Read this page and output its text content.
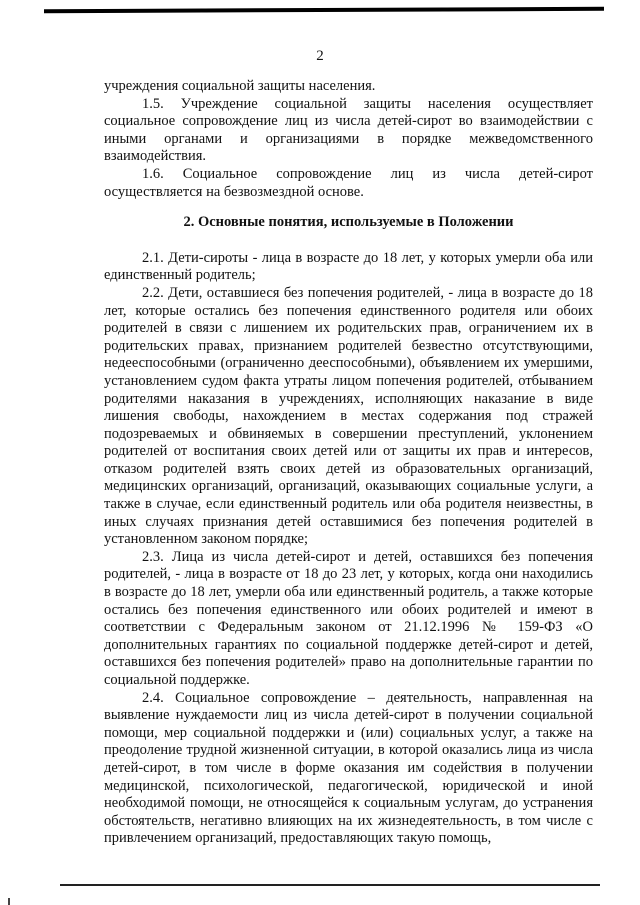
2

учреждения социальной защиты населения.

1.5. Учреждение социальной защиты населения осуществляет социальное сопровождение лиц из числа детей-сирот во взаимодействии с иными органами и организациями в порядке межведомственного взаимодействия.

1.6. Социальное сопровождение лиц из числа детей-сирот осуществляется на безвозмездной основе.

2. Основные понятия, используемые в Положении

2.1. Дети-сироты - лица в возрасте до 18 лет, у которых умерли оба или единственный родитель;

2.2. Дети, оставшиеся без попечения родителей, - лица в возрасте до 18 лет, которые остались без попечения единственного родителя или обоих родителей в связи с лишением их родительских прав, ограничением их в родительских правах, признанием родителей безвестно отсутствующими, недееспособными (ограниченно дееспособными), объявлением их умершими, установлением судом факта утраты лицом попечения родителей, отбыванием родителями наказания в учреждениях, исполняющих наказание в виде лишения свободы, нахождением в местах содержания под стражей подозреваемых и обвиняемых в совершении преступлений, уклонением родителей от воспитания своих детей или от защиты их прав и интересов, отказом родителей взять своих детей из образовательных организаций, медицинских организаций, организаций, оказывающих социальные услуги, а также в случае, если единственный родитель или оба родителя неизвестны, в иных случаях признания детей оставшимися без попечения родителей в установленном законом порядке;

2.3. Лица из числа детей-сирот и детей, оставшихся без попечения родителей, - лица в возрасте от 18 до 23 лет, у которых, когда они находились в возрасте до 18 лет, умерли оба или единственный родитель, а также которые остались без попечения единственного или обоих родителей и имеют в соответствии с Федеральным законом от 21.12.1996 № 159-ФЗ «О дополнительных гарантиях по социальной поддержке детей-сирот и детей, оставшихся без попечения родителей» право на дополнительные гарантии по социальной поддержке.

2.4. Социальное сопровождение – деятельность, направленная на выявление нуждаемости лиц из числа детей-сирот в получении социальной помощи, мер социальной поддержки и (или) социальных услуг, а также на преодоление трудной жизненной ситуации, в которой оказались лица из числа детей-сирот, в том числе в форме оказания им содействия в получении медицинской, психологической, педагогической, юридической и иной необходимой помощи, не относящейся к социальным услугам, до устранения обстоятельств, негативно влияющих на их жизнедеятельность, в том числе с привлечением организаций, предоставляющих такую помощь,
